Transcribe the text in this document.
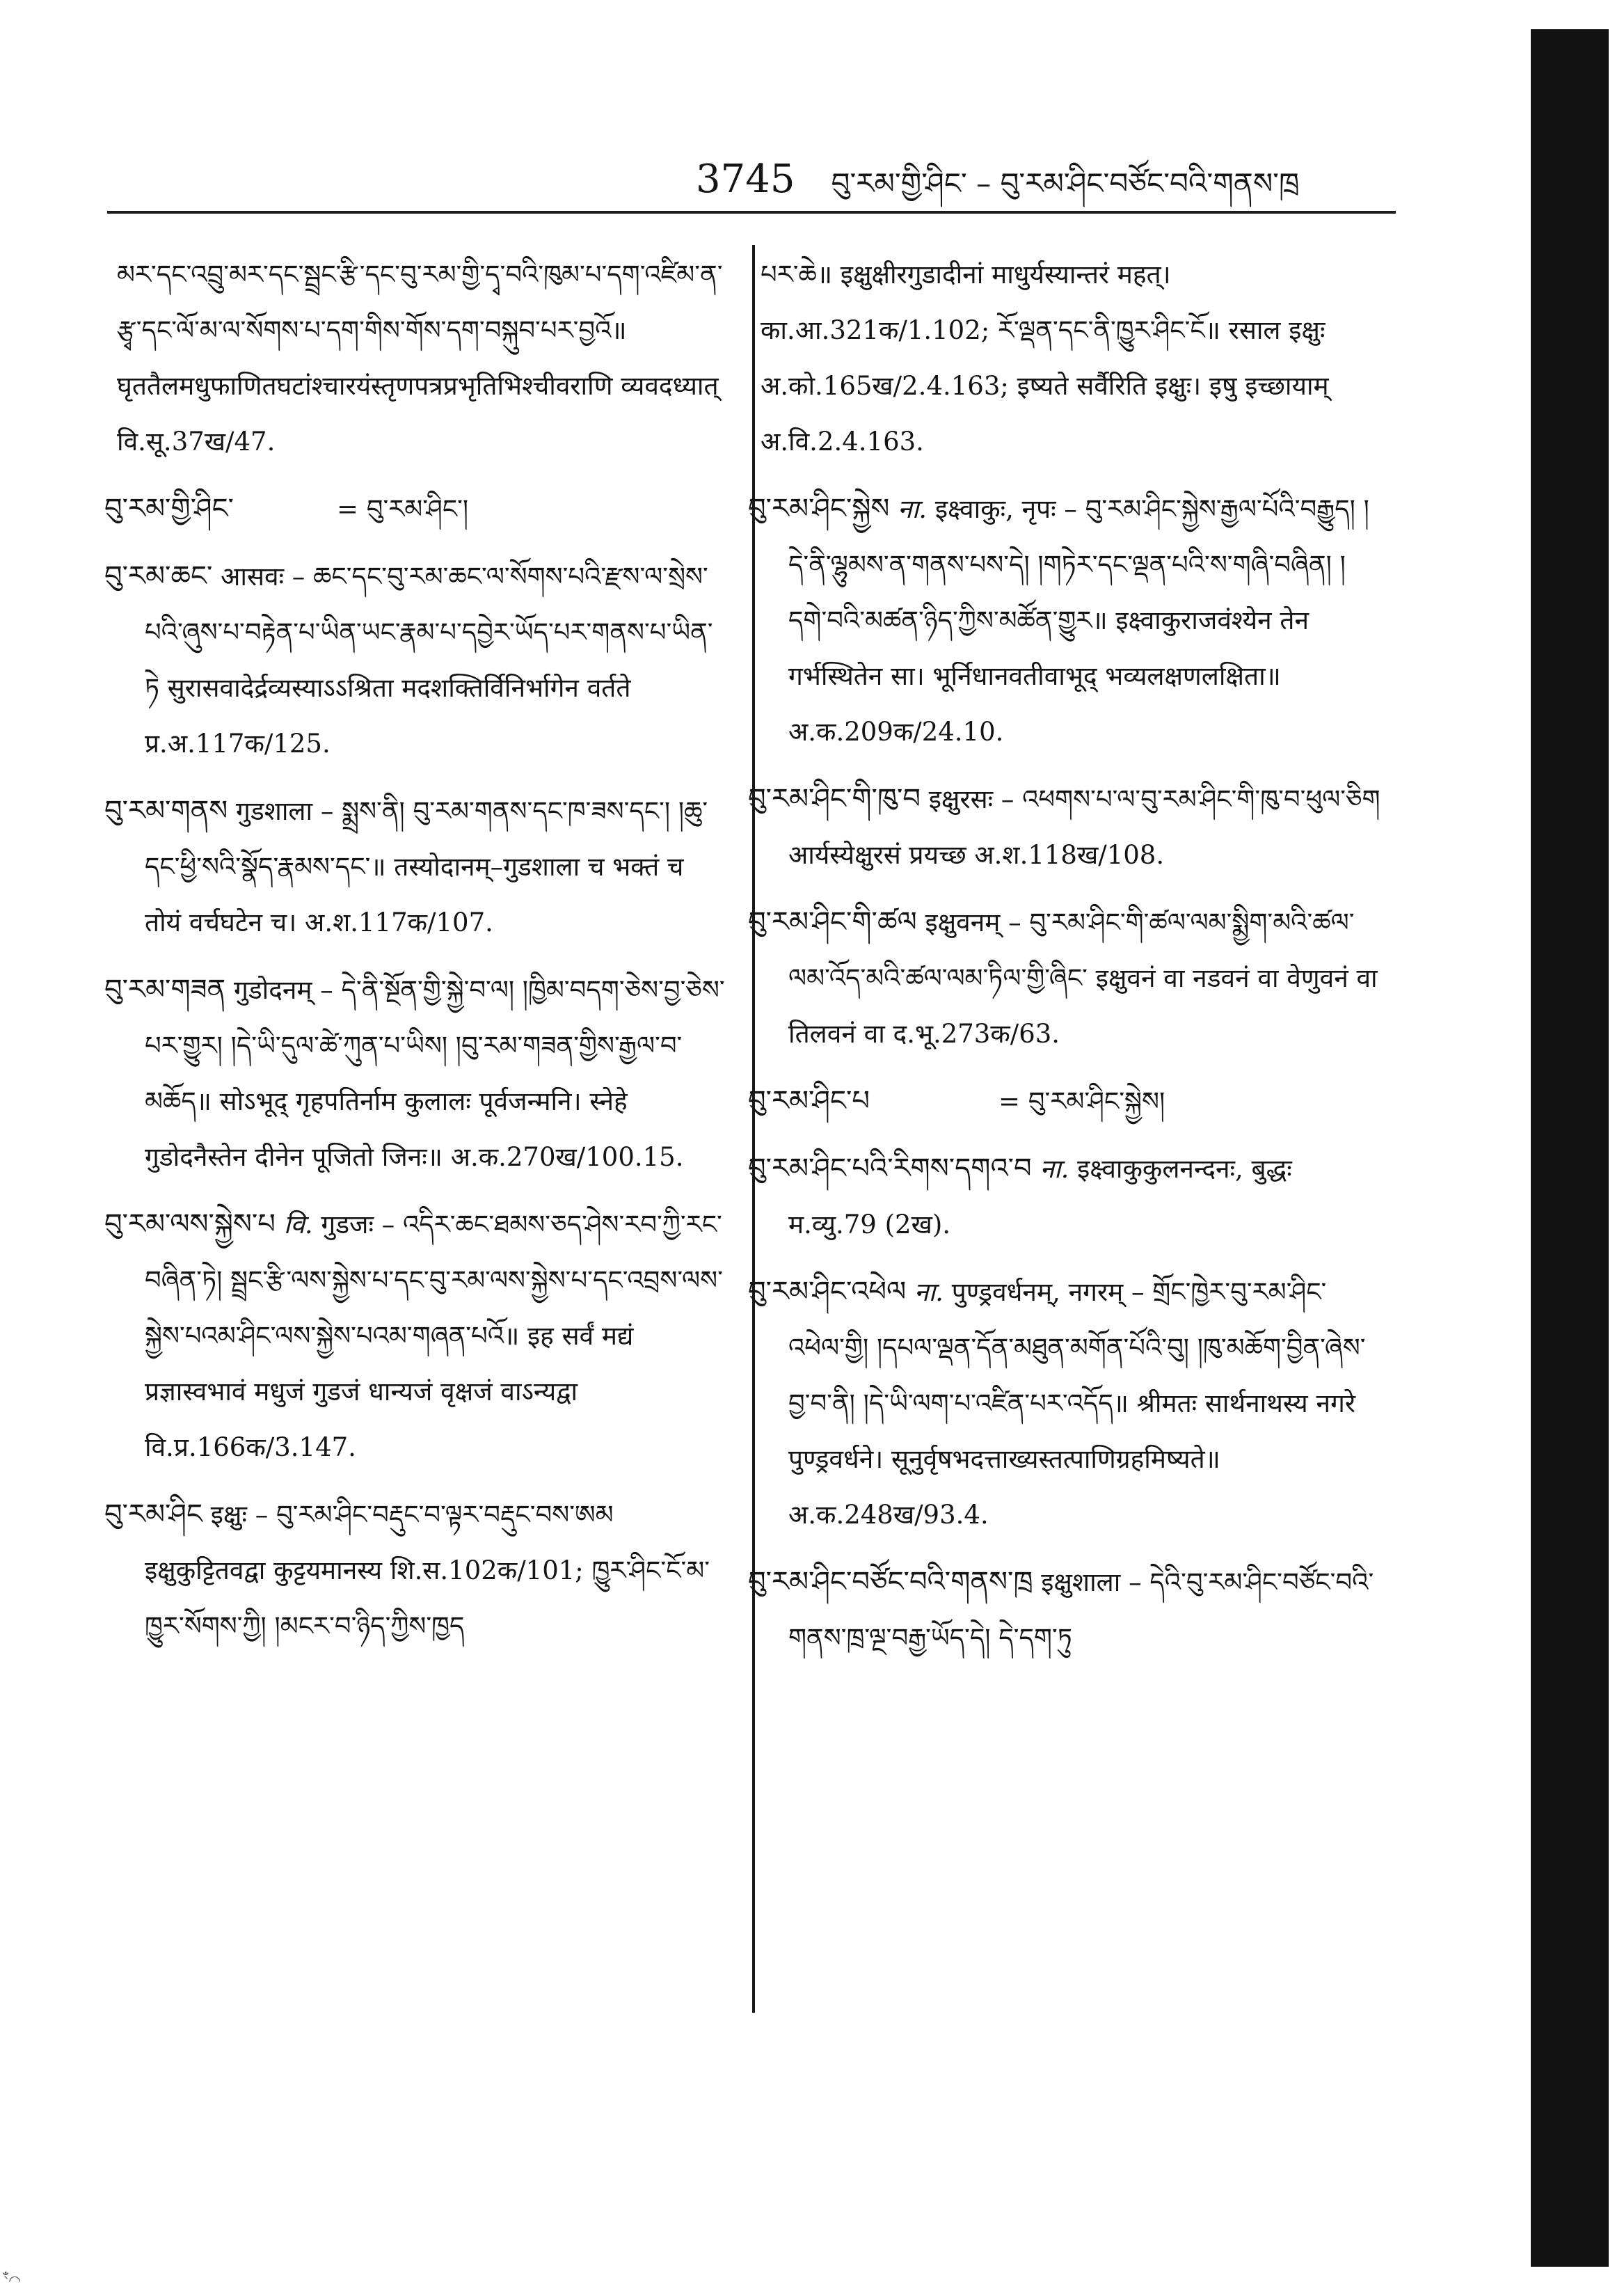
3745 བུ་རམ་གྱི་ཤིང་ – བུ་རམ་ཤིང་བཙོང་བའི་གནས་ཁྲ

མར་དང་འབྲུ་མར་དང་སྦྲང་རྩི་དང་བུ་རམ་གྱི་དྭ་བའི་ཁུམ་པ་དག་འཛིམ་ན་རྩྭ་དང་ལོ་མ་ལ་སོགས་པ་དག་གིས་གོས་དག་བསྐུབ་པར་བྱའོ॥ घृततैलमधुफाणितघटांश्चारयंस्तृणपत्रप्रभृतिभिश्चीवराणि व्यवदध्यात् वि.सू.37ख/47.

བུ་རམ་གྱི་ཤིང་    	= བུ་རམ་ཤིང་།

བུ་རམ་ཆང་ आसवः – ཆང་དང་བུ་རམ་ཆང་ལ་སོགས་པའི་རྫས་ལ་སྲེས་པའི་ཞུས་པ་བརྟེན་པ་ཡིན་ཡང་རྣམ་པ་དབྱེར་ཡོད་པར་གནས་པ་ཡིན་ཏེ सुरासवादेर्द्रव्यस्याऽऽश्रिता मदशक्तिर्विनिर्भागेन वर्तते प्र.अ.117क/125.

བུ་རམ་གནས गुडशाला – སྨྲས་ནི། བུ་རམ་གནས་དང་ཁ་ཟས་དང་། །ཆུ་དང་ཕྱི་སའི་སྣོད་རྣམས་དང་॥ तस्योदानम्–गुडशाला च भक्तं च तोयं वर्चघटेन च। अ.श.117क/107.

བུ་རམ་གཟན गुडोदनम् – དེ་ནི་སྔོན་གྱི་སྐྱེ་བ་ལ། །ཁྱིམ་བདག་ཅེས་བྱ་ཅེས་པར་གྱུར། །དེ་ཡི་དུལ་ཚེ་ཀུན་པ་ཡིས། །བུ་རམ་གཟན་གྱིས་རྒྱལ་བ་མཆོད॥ सोऽभूद् गृहपतिर्नाम कुलालः पूर्वजन्मनि। स्नेहे गुडोदनैस्तेन दीनेन पूजितो जिनः॥ अ.क.270ख/100.15.

བུ་རམ་ལས་སྐྱེས་པ वि. गुडजः – འདིར་ཆང་ཐམས་ཅད་ཤེས་རབ་ཀྱི་རང་བཞིན་ཏེ། སྦྲང་རྩི་ལས་སྐྱེས་པ་དང་བུ་རམ་ལས་སྐྱེས་པ་དང་འབྲས་ལས་སྐྱེས་པའམ་ཤིང་ལས་སྐྱེས་པའམ་གཞན་པའོ॥ इह सर्वं मद्यं प्रज्ञास्वभावं मधुजं गुडजं धान्यजं वृक्षजं वाऽन्यद्वा वि.प्र.166क/3.147.

བུ་རམ་ཤིང इक्षुः – བུ་རམ་ཤིང་བརྡུང་བ་ལྟར་བརྡུང་བས་ཨམ इक्षुकुट्टितवद्वा कुट्टयमानस्य शि.स.102क/101; ཁྱུར་ཤིང་ངོ་མ་ཁྱུར་སོགས་ཀྱི། །མངར་བ་ཉིད་ཀྱིས་ཁྱད

པར་ཆེ॥ इक्षुक्षीरगुडादीनां माधुर्यस्यान्तरं महत्। का.आ.321क/1.102; རོ་ལྡན་དང་ནི་ཁྱུར་ཤིང་ངོ॥ रसाल इक्षुः अ.को.165ख/2.4.163; इष्यते सर्वैरिति इक्षुः। इषु इच्छायाम् अ.वि.2.4.163.

བུ་རམ་ཤིང་སྐྱེས ना. इक्ष्वाकुः, नृपः – བུ་རམ་ཤིང་སྐྱེས་རྒྱལ་པོའི་བརྒྱུད། །དེ་ནི་ལྷུམས་ན་གནས་པས་དེ། །གཏེར་དང་ལྡན་པའི་ས་གཞི་བཞིན། །དགེ་བའི་མཚན་ཉིད་ཀྱིས་མཚོན་གྱུར॥ इक्ष्वाकुराजवंश्येन तेन गर्भस्थितेन सा। भूर्निधानवतीवाभूद् भव्यलक्षणलक्षिता॥ अ.क.209क/24.10.

བུ་རམ་ཤིང་གི་ཁུ་བ इक्षुरसः – འཕགས་པ་ལ་བུ་རམ་ཤིང་གི་ཁུ་བ་ཕུལ་ཅིག आर्यस्येक्षुरसं प्रयच्छ अ.श.118ख/108.

བུ་རམ་ཤིང་གི་ཚལ इक्षुवनम् – བུ་རམ་ཤིང་གི་ཚལ་ལམ་སྨྱིག་མའི་ཚལ་ལམ་འོད་མའི་ཚལ་ལམ་ཏིལ་གྱི་ཞིང་ इक्षुवनं वा नडवनं वा वेणुवनं वा तिलवनं वा द.भू.273क/63.

བུ་རམ་ཤིང་པ     	= བུ་རམ་ཤིང་སྐྱེས།

བུ་རམ་ཤིང་པའི་རིགས་དགའ་བ ना. इक्ष्वाकुकुलनन्दनः, बुद्धः म.व्यु.79 (2ख).

བུ་རམ་ཤིང་འཕེལ ना. पुण्ड्रवर्धनम्, नगरम् – གྲོང་ཁྱེར་བུ་རམ་ཤིང་འཕེལ་གྱི། །དཔལ་ལྡན་དོན་མཐུན་མགོན་པོའི་བུ། །ཁུ་མཆོག་བྱིན་ཞེས་བྱ་བ་ནི། །དེ་ཡི་ལག་པ་འཛིན་པར་འདོད॥ श्रीमतः सार्थनाथस्य नगरे पुण्ड्रवर्धने। सूनुर्वृषभदत्ताख्यस्तत्पाणिग्रहमिष्यते॥ अ.क.248ख/93.4.

བུ་རམ་ཤིང་བཙོང་བའི་གནས་ཁྲ इक्षुशाला – དེའི་བུ་རམ་ཤིང་བཙོང་བའི་གནས་ཁྲ་ལྔ་བརྒྱ་ཡོད་དེ། དེ་དག་ཏུ

ꣳ⌒
